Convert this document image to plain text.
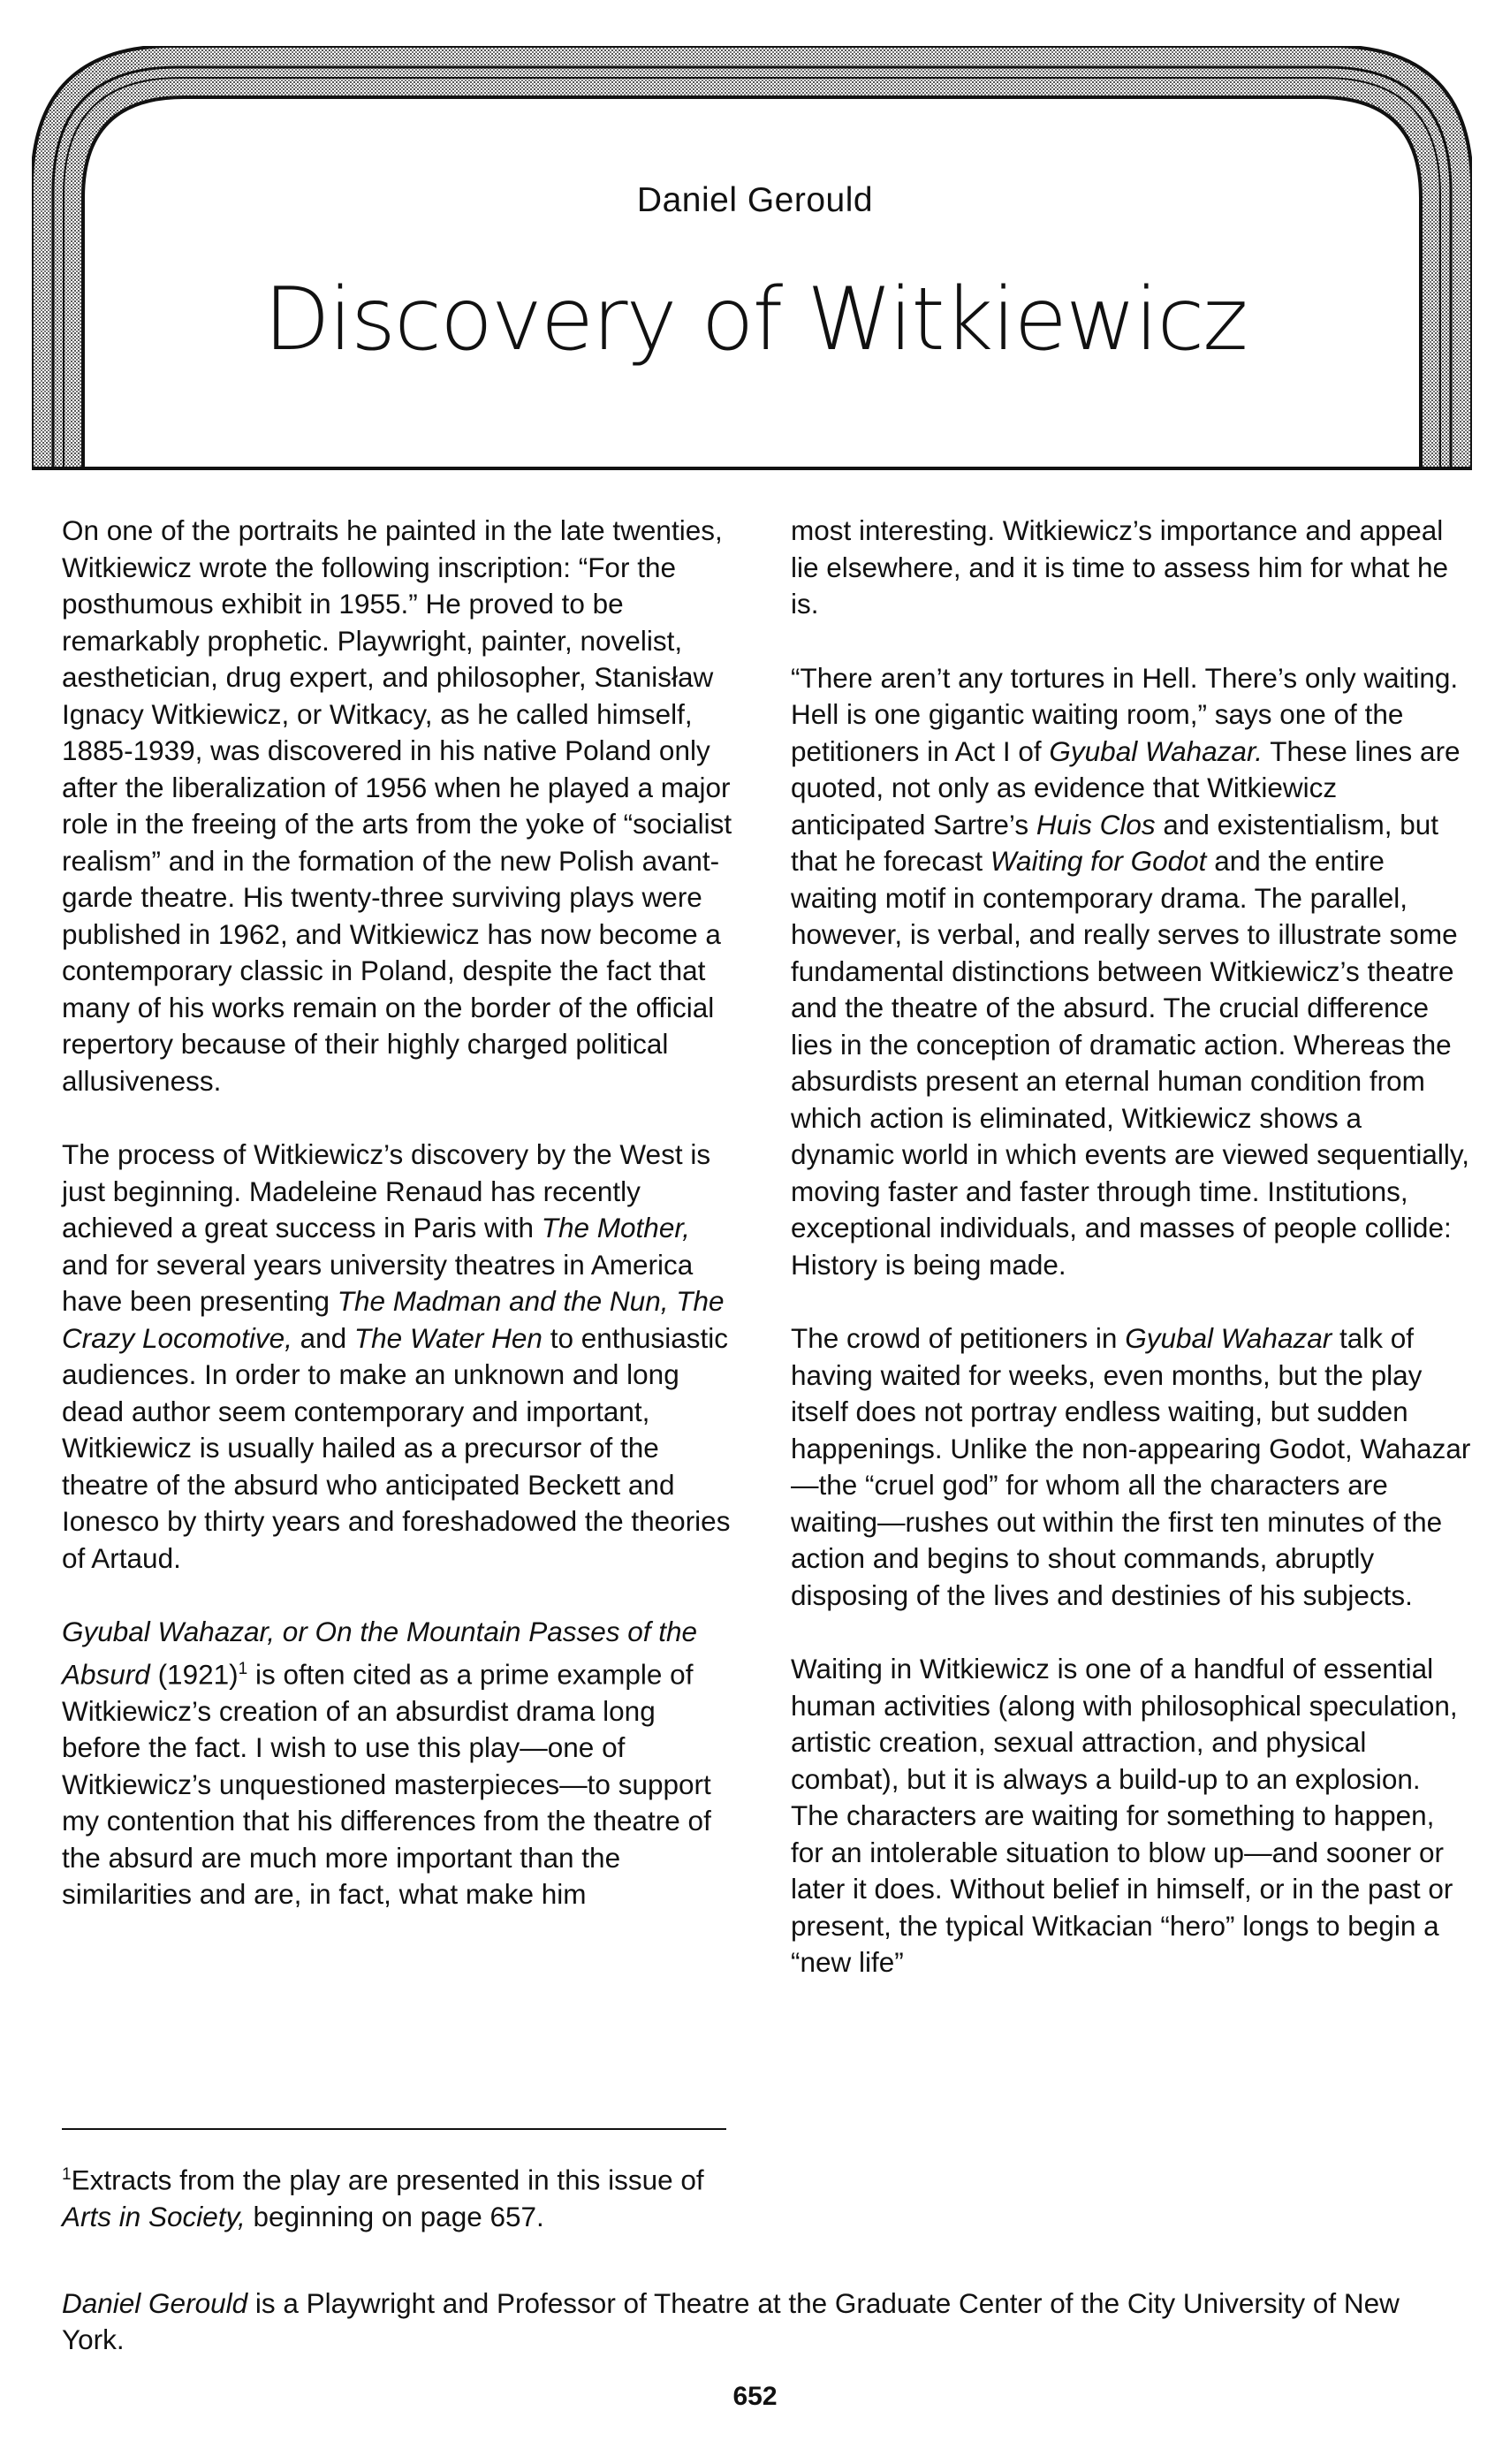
Daniel Gerould
Discovery of Witkiewicz

On one of the portraits he painted in the late twenties, Witkiewicz wrote the following inscription: “For the posthumous exhibit in 1955.” He proved to be remarkably prophetic. Playwright, painter, novelist, aesthetician, drug expert, and philosopher, Stanisław Ignacy Witkiewicz, or Witkacy, as he called himself, 1885-1939, was discovered in his native Poland only after the liberalization of 1956 when he played a major role in the freeing of the arts from the yoke of “socialist realism” and in the formation of the new Polish avant-garde theatre. His twenty-three surviving plays were published in 1962, and Witkiewicz has now become a contemporary classic in Poland, despite the fact that many of his works remain on the border of the official repertory because of their highly charged political allusiveness.

The process of Witkiewicz’s discovery by the West is just beginning. Madeleine Renaud has recently achieved a great success in Paris with The Mother, and for several years university theatres in America have been presenting The Madman and the Nun, The Crazy Locomotive, and The Water Hen to enthusiastic audiences. In order to make an unknown and long dead author seem contemporary and important, Witkiewicz is usually hailed as a precursor of the theatre of the absurd who anticipated Beckett and Ionesco by thirty years and foreshadowed the theories of Artaud.

Gyubal Wahazar, or On the Mountain Passes of the Absurd $(1921)^1$ is often cited as a prime example of Witkiewicz’s creation of an absurdist drama long before the fact. I wish to use this play—one of Witkiewicz’s unquestioned masterpieces—to support my contention that his differences from the theatre of the absurd are much more important than the similarities and are, in fact, what make him

most interesting. Witkiewicz’s importance and appeal lie elsewhere, and it is time to assess him for what he is.

“There aren’t any tortures in Hell. There’s only waiting. Hell is one gigantic waiting room,” says one of the petitioners in Act I of Gyubal Wahazar. These lines are quoted, not only as evidence that Witkiewicz anticipated Sartre’s Huis Clos and existentialism, but that he forecast Waiting for Godot and the entire waiting motif in contemporary drama. The parallel, however, is verbal, and really serves to illustrate some fundamental distinctions between Witkiewicz’s theatre and the theatre of the absurd. The crucial difference lies in the conception of dramatic action. Whereas the absurdists present an eternal human condition from which action is eliminated, Witkiewicz shows a dynamic world in which events are viewed sequentially, moving faster and faster through time. Institutions, exceptional individuals, and masses of people collide: History is being made.

The crowd of petitioners in Gyubal Wahazar talk of having waited for weeks, even months, but the play itself does not portray endless waiting, but sudden happenings. Unlike the non-appearing Godot, Wahazar—the “cruel god” for whom all the characters are waiting—rushes out within the first ten minutes of the action and begins to shout commands, abruptly disposing of the lives and destinies of his subjects.

Waiting in Witkiewicz is one of a handful of essential human activities (along with philosophical speculation, artistic creation, sexual attraction, and physical combat), but it is always a build-up to an explosion. The characters are waiting for something to happen, for an intolerable situation to blow up—and sooner or later it does. Without belief in himself, or in the past or present, the typical Witkacian “hero” longs to begin a “new life”

$^1$Extracts from the play are presented in this issue of Arts in Society, beginning on page 657.
Daniel Gerould is a Playwright and Professor of Theatre at the Graduate Center of the City University of New York.
652
